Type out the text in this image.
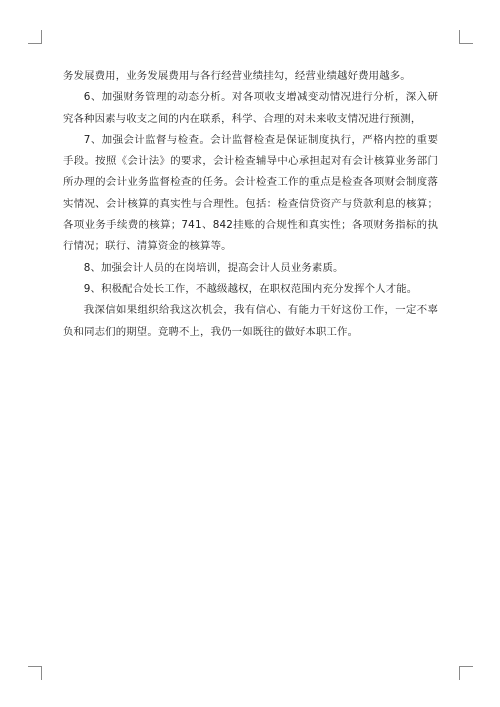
务发展费用，业务发展费用与各行经营业绩挂勾，经营业绩越好费用越多。

6、加强财务管理的动态分析。对各项收支增减变动情况进行分析，深入研究各种因素与收支之间的内在联系，科学、合理的对未来收支情况进行预测，

7、加强会计监督与检查。会计监督检查是保证制度执行，严格内控的重要手段。按照《会计法》的要求，会计检查辅导中心承担起对有会计核算业务部门所办理的会计业务监督检查的任务。会计检查工作的重点是检查各项财会制度落实情况、会计核算的真实性与合理性。包括：检查信贷资产与贷款利息的核算；各项业务手续费的核算；741、842挂账的合规性和真实性；各项财务指标的执行情况；联行、清算资金的核算等。

8、加强会计人员的在岗培训，提高会计人员业务素质。

9、积极配合处长工作，不越级越权，在职权范围内充分发挥个人才能。

我深信如果组织给我这次机会，我有信心、有能力干好这份工作，一定不辜负和同志们的期望。竞聘不上，我仍一如既往的做好本职工作。
